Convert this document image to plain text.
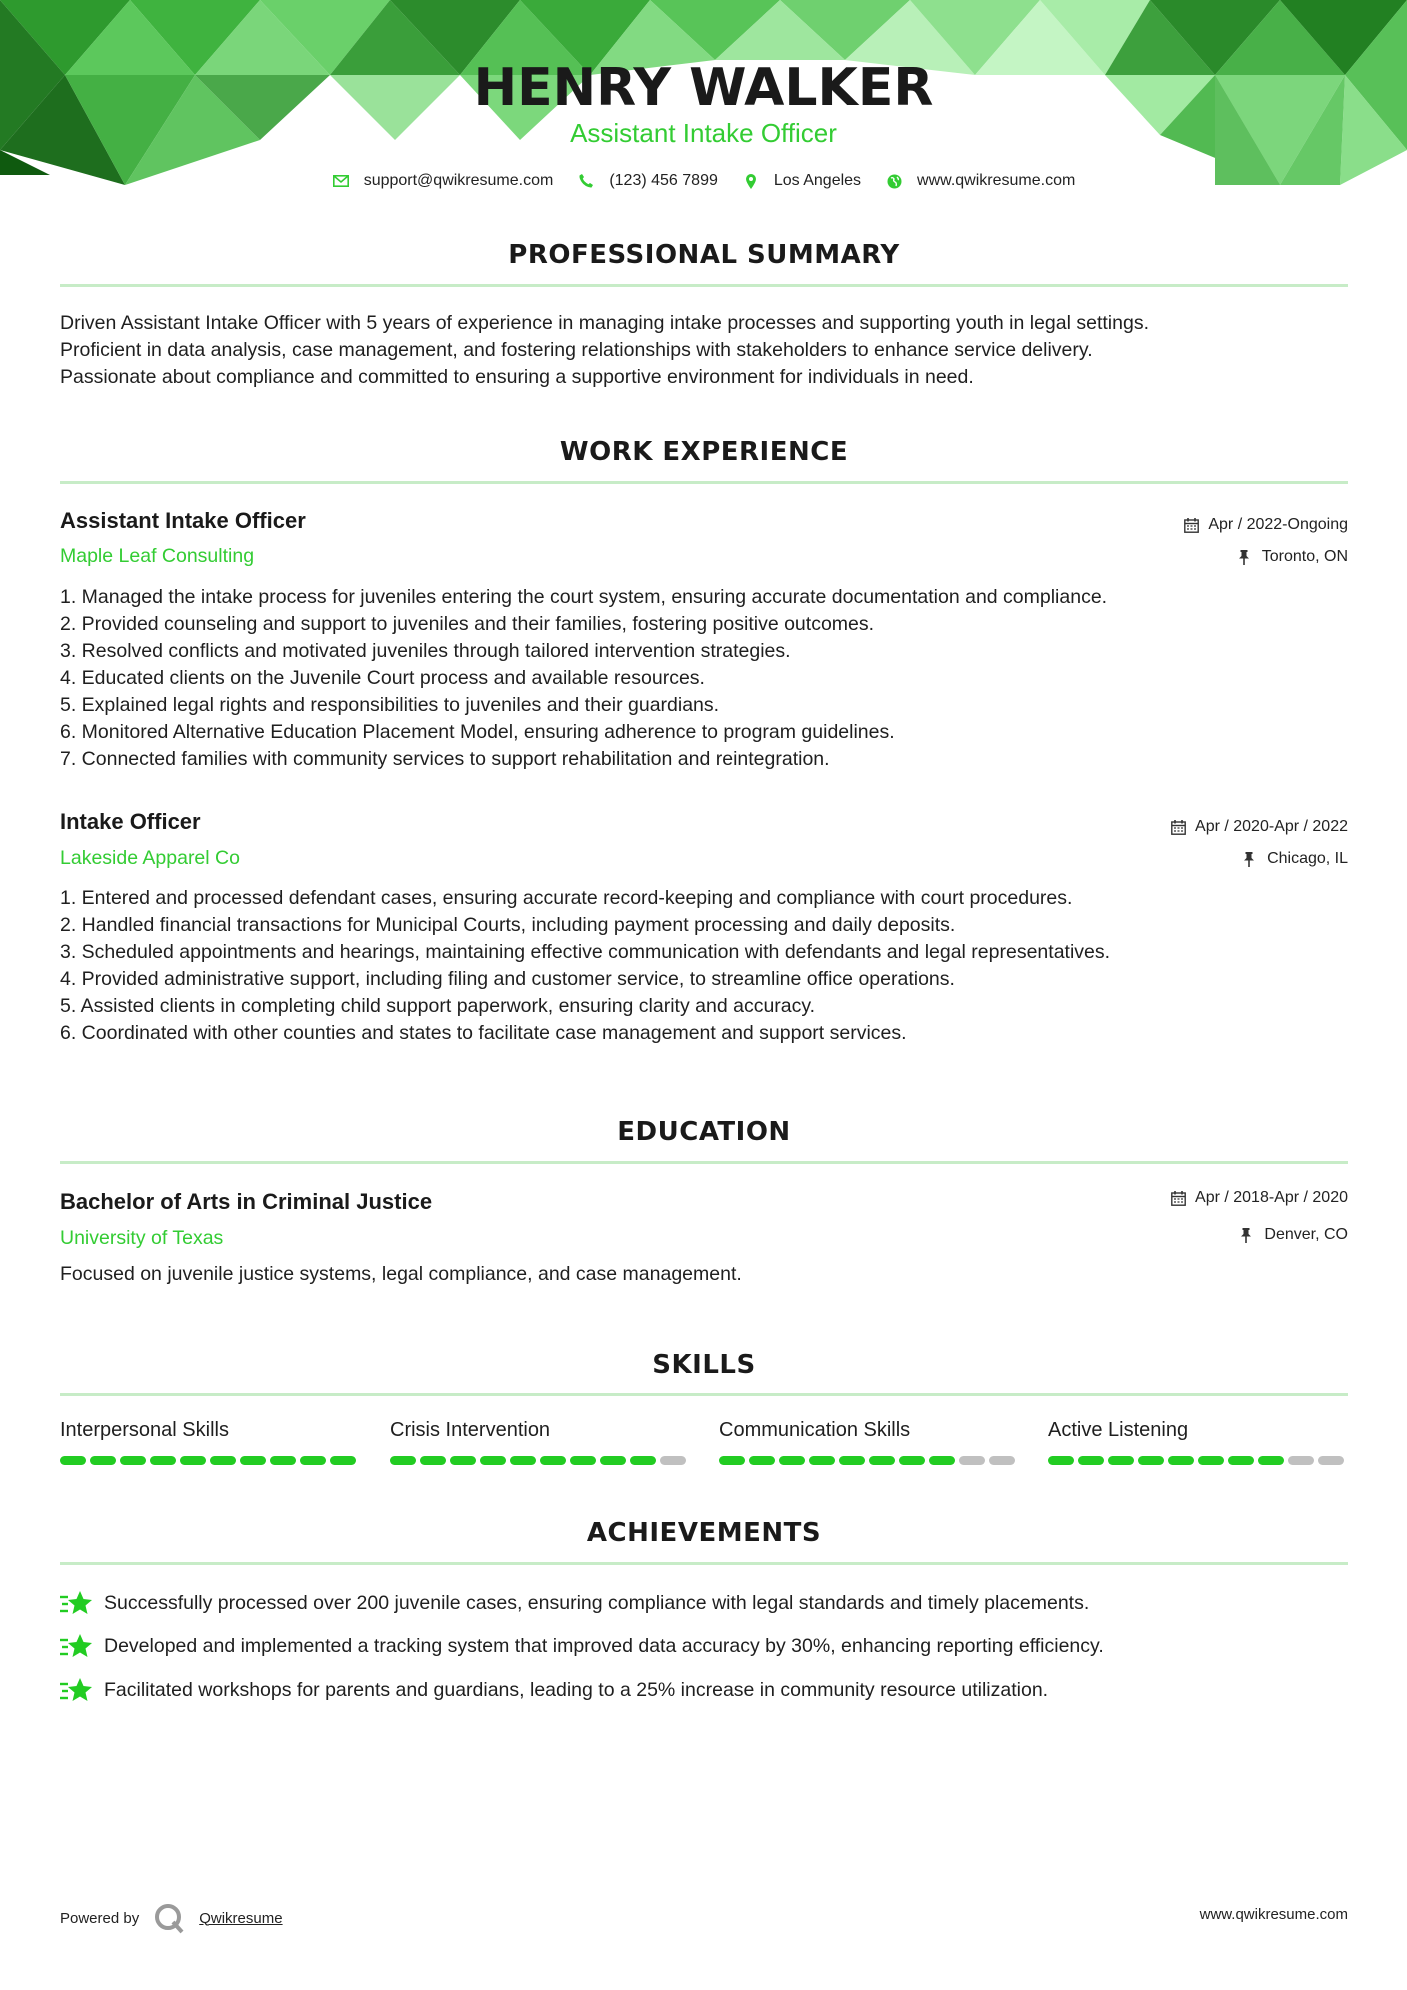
HENRY WALKER
Assistant Intake Officer
support@qwikresume.com	(123) 456 7899	Los Angeles	www.qwikresume.com
PROFESSIONAL SUMMARY
Driven Assistant Intake Officer with 5 years of experience in managing intake processes and supporting youth in legal settings.
Proficient in data analysis, case management, and fostering relationships with stakeholders to enhance service delivery.
Passionate about compliance and committed to ensuring a supportive environment for individuals in need.
WORK EXPERIENCE
Assistant Intake Officer
Maple Leaf Consulting
Apr / 2022-Ongoing
Toronto, ON
1. Managed the intake process for juveniles entering the court system, ensuring accurate documentation and compliance.
2. Provided counseling and support to juveniles and their families, fostering positive outcomes.
3. Resolved conflicts and motivated juveniles through tailored intervention strategies.
4. Educated clients on the Juvenile Court process and available resources.
5. Explained legal rights and responsibilities to juveniles and their guardians.
6. Monitored Alternative Education Placement Model, ensuring adherence to program guidelines.
7. Connected families with community services to support rehabilitation and reintegration.
Intake Officer
Lakeside Apparel Co
Apr / 2020-Apr / 2022
Chicago, IL
1. Entered and processed defendant cases, ensuring accurate record-keeping and compliance with court procedures.
2. Handled financial transactions for Municipal Courts, including payment processing and daily deposits.
3. Scheduled appointments and hearings, maintaining effective communication with defendants and legal representatives.
4. Provided administrative support, including filing and customer service, to streamline office operations.
5. Assisted clients in completing child support paperwork, ensuring clarity and accuracy.
6. Coordinated with other counties and states to facilitate case management and support services.
EDUCATION
Bachelor of Arts in Criminal Justice
University of Texas
Apr / 2018-Apr / 2020
Denver, CO
Focused on juvenile justice systems, legal compliance, and case management.
SKILLS
Interpersonal Skills	Crisis Intervention	Communication Skills	Active Listening
ACHIEVEMENTS
Successfully processed over 200 juvenile cases, ensuring compliance with legal standards and timely placements.
Developed and implemented a tracking system that improved data accuracy by 30%, enhancing reporting efficiency.
Facilitated workshops for parents and guardians, leading to a 25% increase in community resource utilization.
Powered by	Qwikresume	www.qwikresume.com
